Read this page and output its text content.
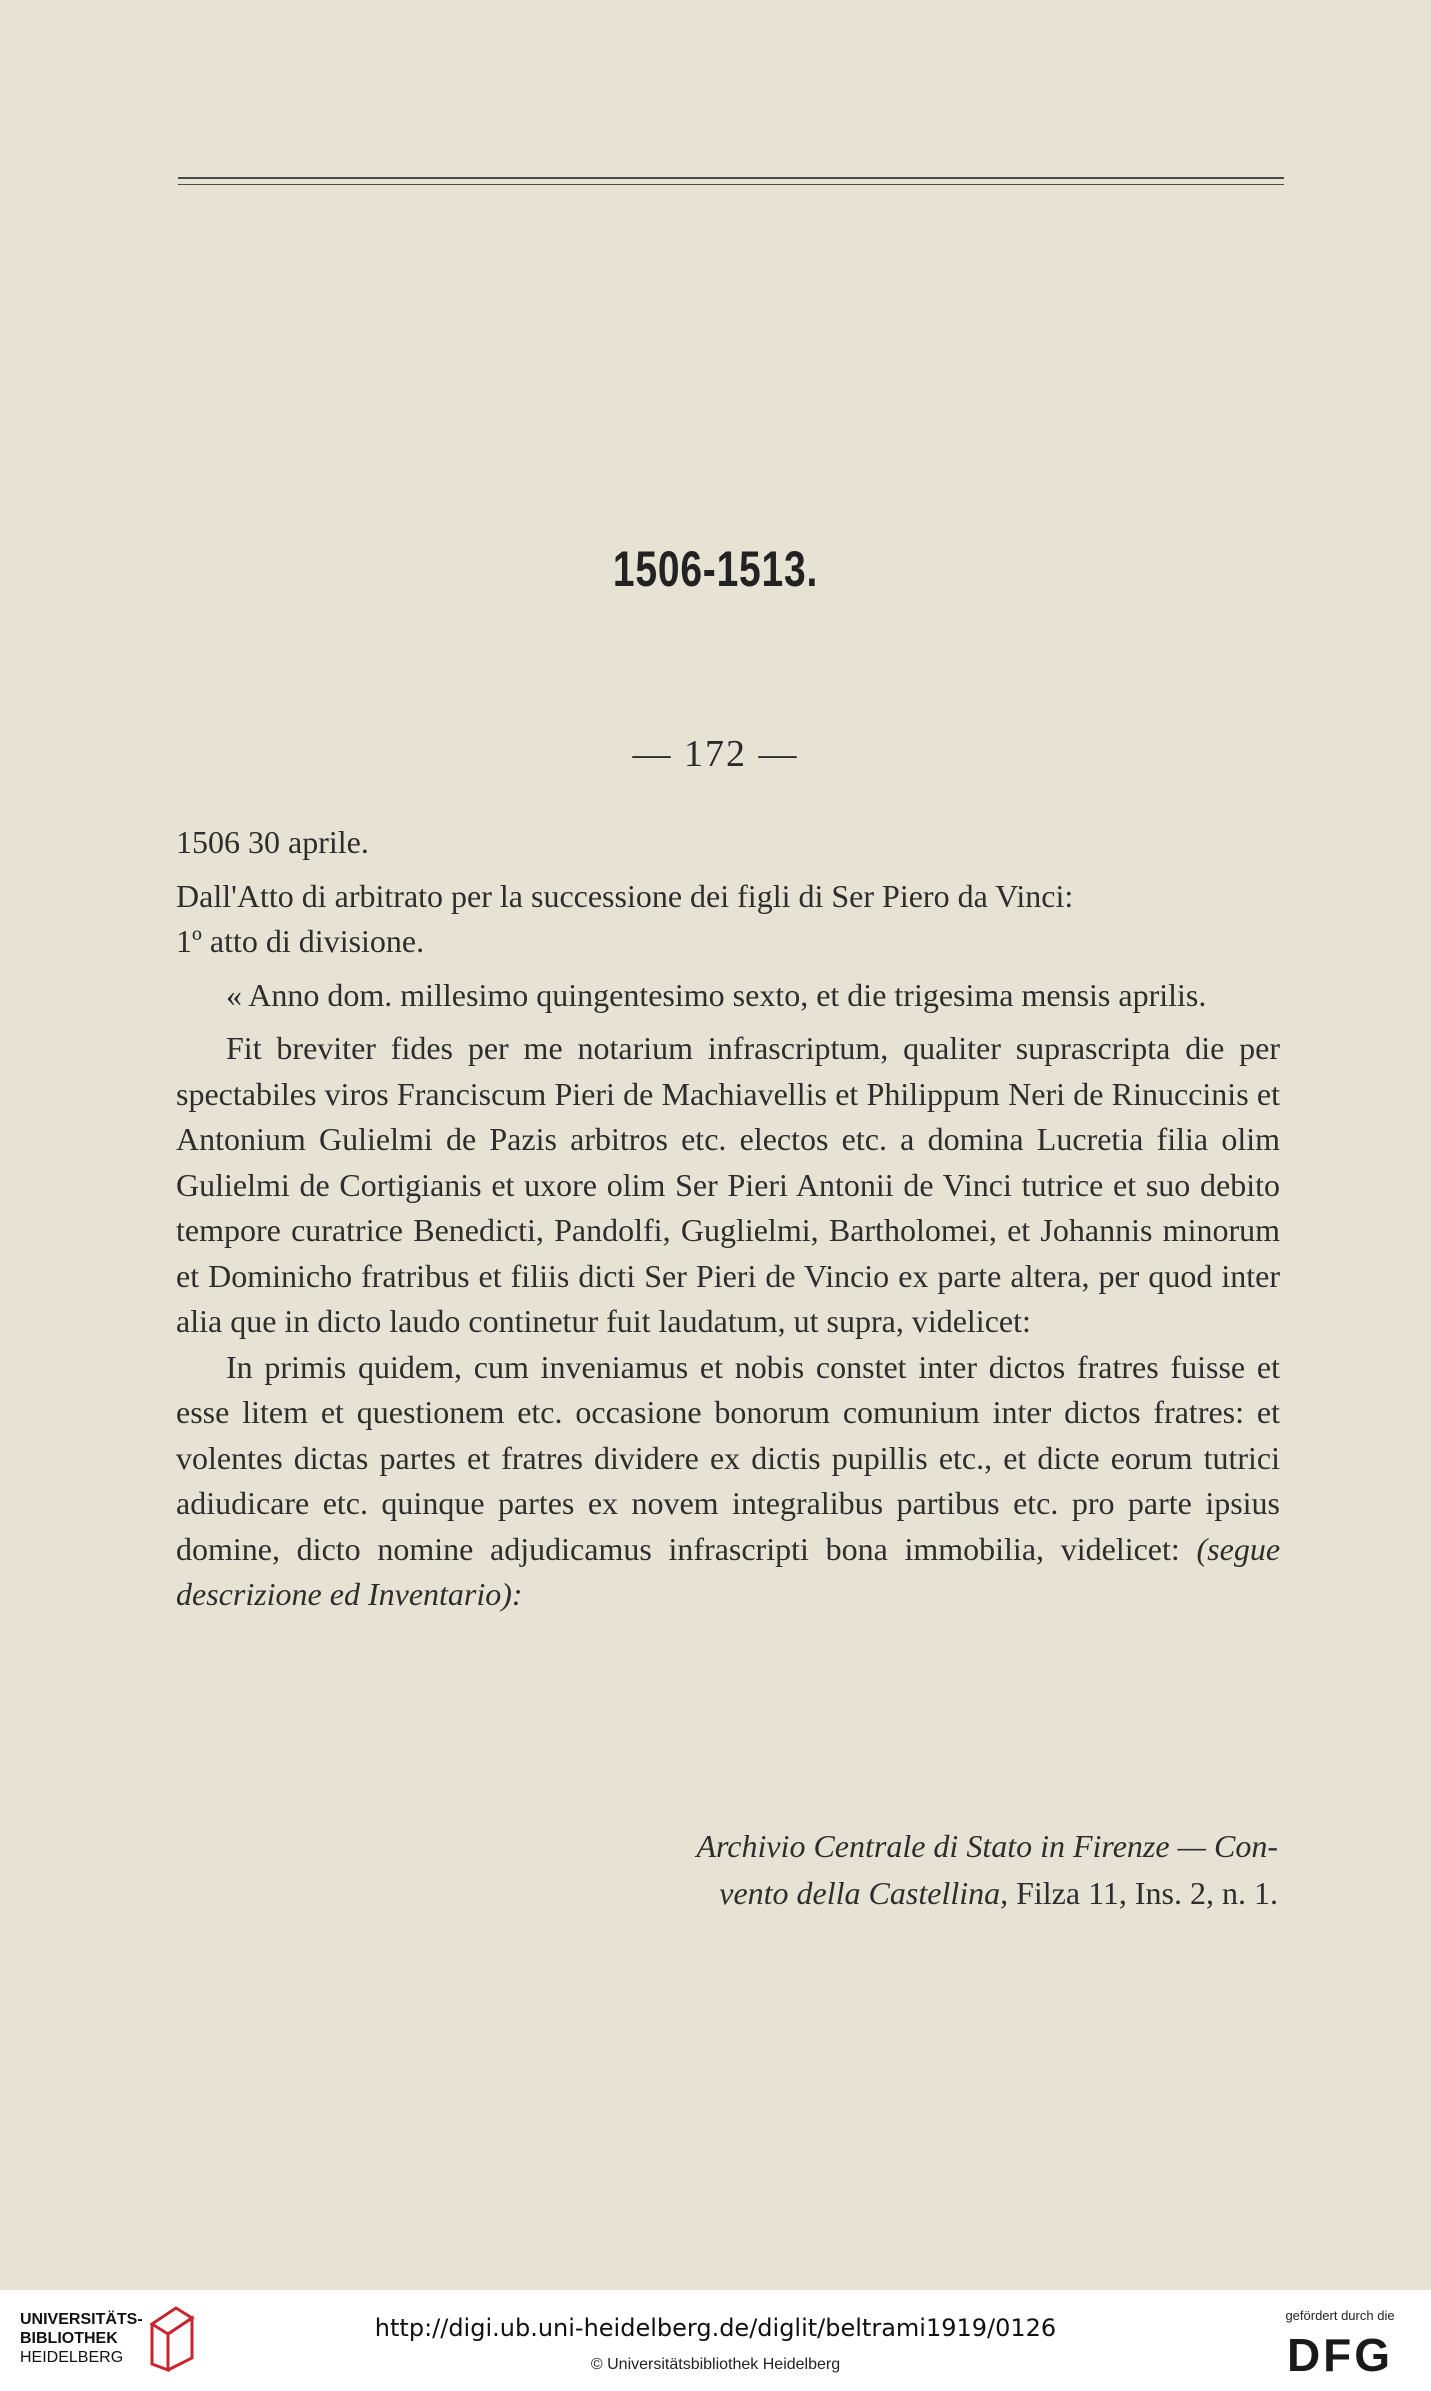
1506-1513.
— 172 —

1506 30 aprile.

Dall'Atto di arbitrato per la successione dei figli di Ser Piero da Vinci:

1º atto di divisione.

« Anno dom. millesimo quingentesimo sexto, et die trigesima mensis aprilis.

Fit breviter fides per me notarium infrascriptum, qualiter suprascripta die per spectabiles viros Franciscum Pieri de Machiavellis et Philippum Neri de Rinuccinis et Antonium Gulielmi de Pazis arbitros etc. electos etc. a domina Lucretia filia olim Gulielmi de Cortigianis et uxore olim Ser Pieri Antonii de Vinci tutrice et suo debito tempore curatrice Benedicti, Pandolfi, Guglielmi, Bartholomei, et Johannis minorum et Dominicho fratribus et filiis dicti Ser Pieri de Vincio ex parte altera, per quod inter alia que in dicto laudo continetur fuit laudatum, ut supra, videlicet:

In primis quidem, cum inveniamus et nobis constet inter dictos fratres fuisse et esse litem et questionem etc. occasione bonorum comunium inter dictos fratres: et volentes dictas partes et fratres dividere ex dictis pupillis etc., et dicte eorum tutrici adiudicare etc. quinque partes ex novem integralibus partibus etc. pro parte ipsius domine, dicto nomine adjudicamus infrascripti bona immobilia, videlicet: (segue descrizione ed Inventario):

Archivio Centrale di Stato in Firenze — Con-
vento della Castellina, Filza 11, Ins. 2, n. 1.
UNIVERSITÄTS-
BIBLIOTHEK
HEIDELBERG
http://digi.ub.uni-heidelberg.de/diglit/beltrami1919/0126
© Universitätsbibliothek Heidelberg
gefördert durch die
DFG
